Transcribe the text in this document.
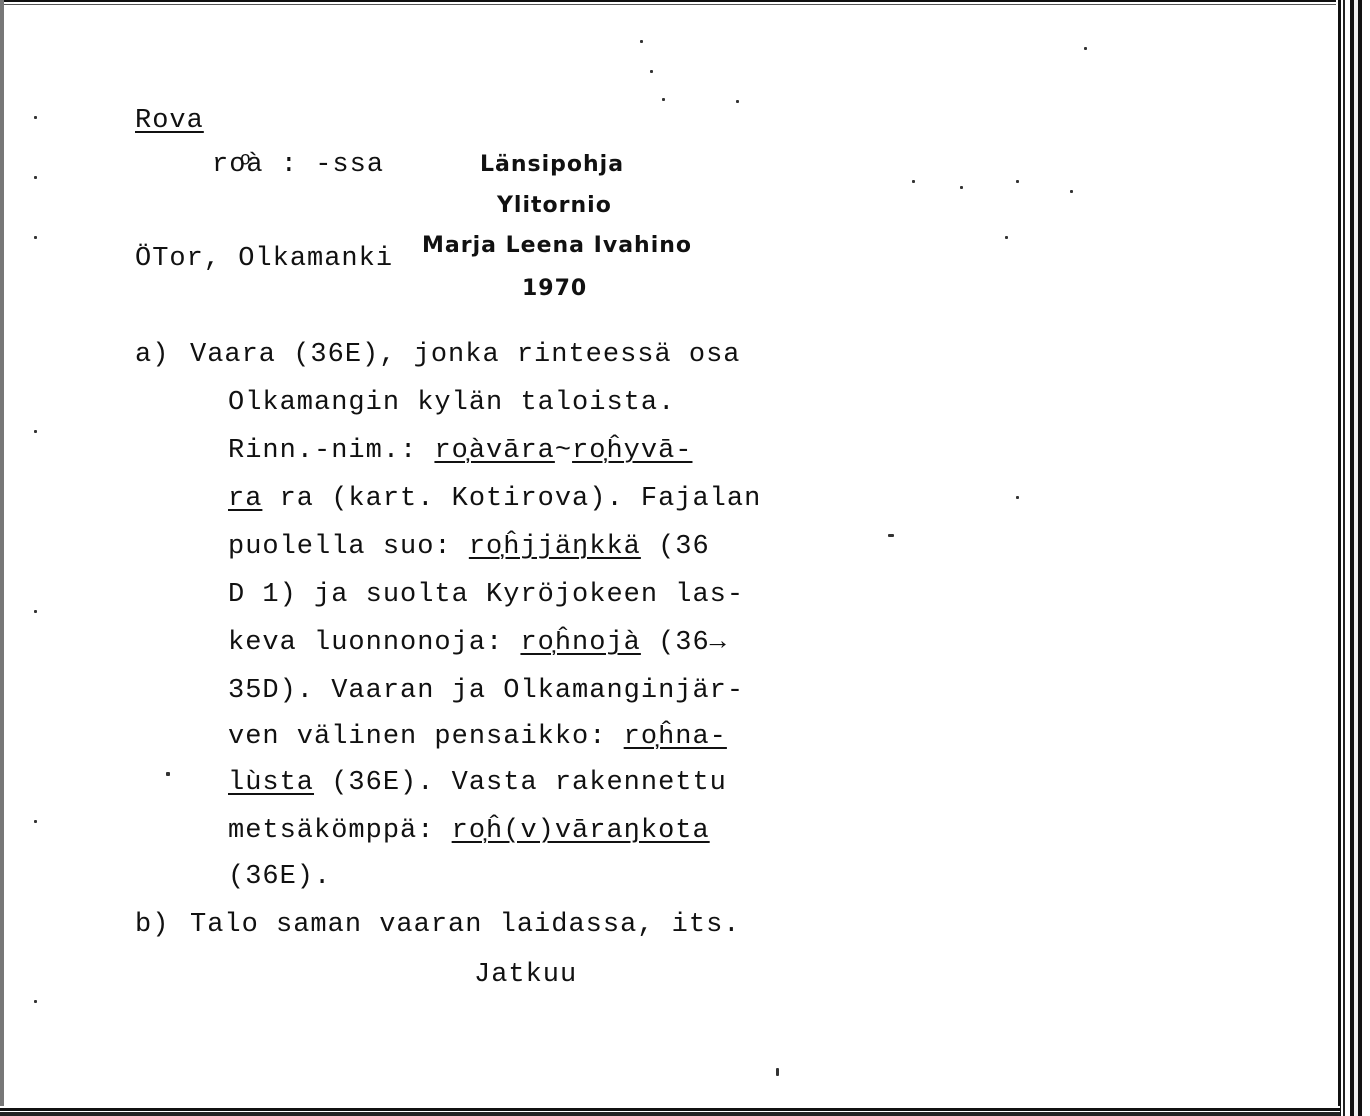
Rova
roͦà : -ssa
ÖTor, Olkamanki
Länsipohja
Ylitornio
Marja Leena Ivahino
1970
a) Vaara (36E), jonka rinteessä osa
Olkamangin kylän taloista.
Rinn.-nim.: ro̦àvāra~ro̦ĥyvā-
ra ra (kart. Kotirova). Fajalan
puolella suo: ro̦ĥjjäŋkkä (36
D 1) ja suolta Kyröjokeen las-
keva luonnonoja: ro̦ĥnojà (36→
35D). Vaaran ja Olkamanginjär-
ven välinen pensaikko: ro̦ĥna-
lùsta (36E). Vasta rakennettu
metsäkömppä: ro̦ĥ(v)vāraŋkota
(36E).
b) Talo saman vaaran laidassa, its.
Jatkuu
